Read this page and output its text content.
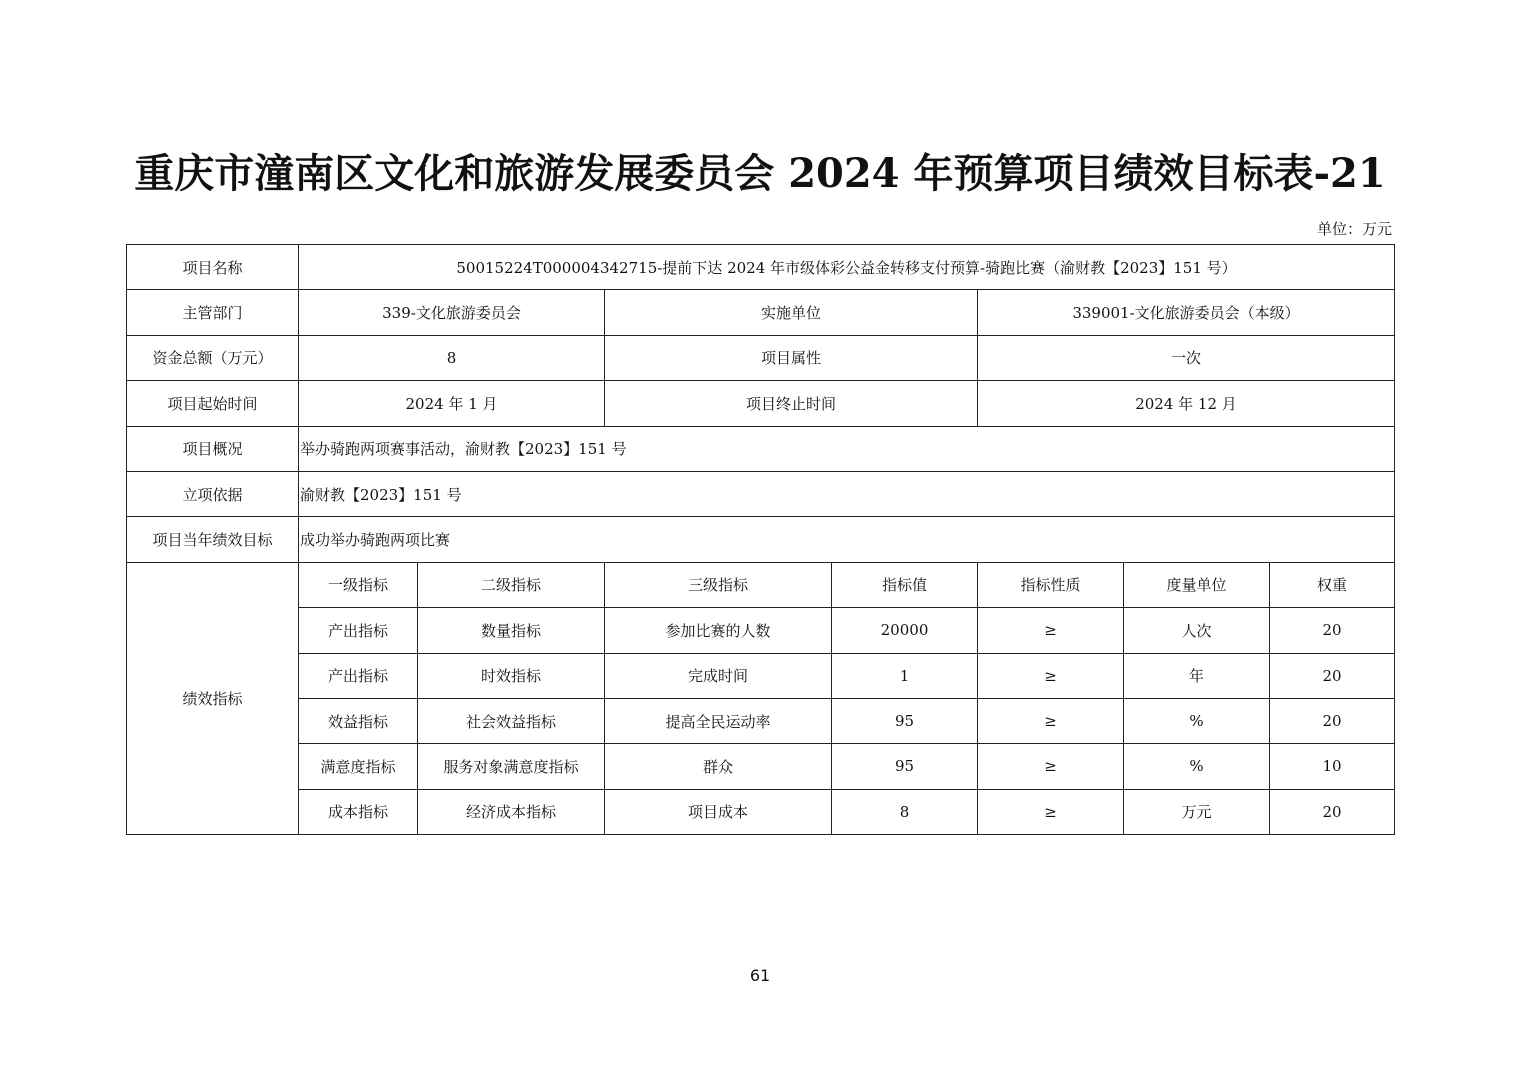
重庆市潼南区文化和旅游发展委员会 2024 年预算项目绩效目标表-21
单位：万元
项目名称	50015224T000004342715-提前下达 2024 年市级体彩公益金转移支付预算-骑跑比赛（渝财教【2023】151 号）						
主管部门	339-文化旅游委员会		实施单位		339001-文化旅游委员会（本级）		
资金总额（万元）	8		项目属性		一次		
项目起始时间	2024 年 1 月		项目终止时间		2024 年 12 月		
项目概况	举办骑跑两项赛事活动，渝财教【2023】151 号						
立项依据	渝财教【2023】151 号						
项目当年绩效目标	成功举办骑跑两项比赛						
绩效指标	一级指标	二级指标	三级指标	指标值	指标性质	度量单位	权重
	产出指标	数量指标	参加比赛的人数	20000	≥	人次	20
	产出指标	时效指标	完成时间	1	≥	年	20
	效益指标	社会效益指标	提高全民运动率	95	≥	%	20
	满意度指标	服务对象满意度指标	群众	95	≥	%	10
	成本指标	经济成本指标	项目成本	8	≥	万元	20
61
